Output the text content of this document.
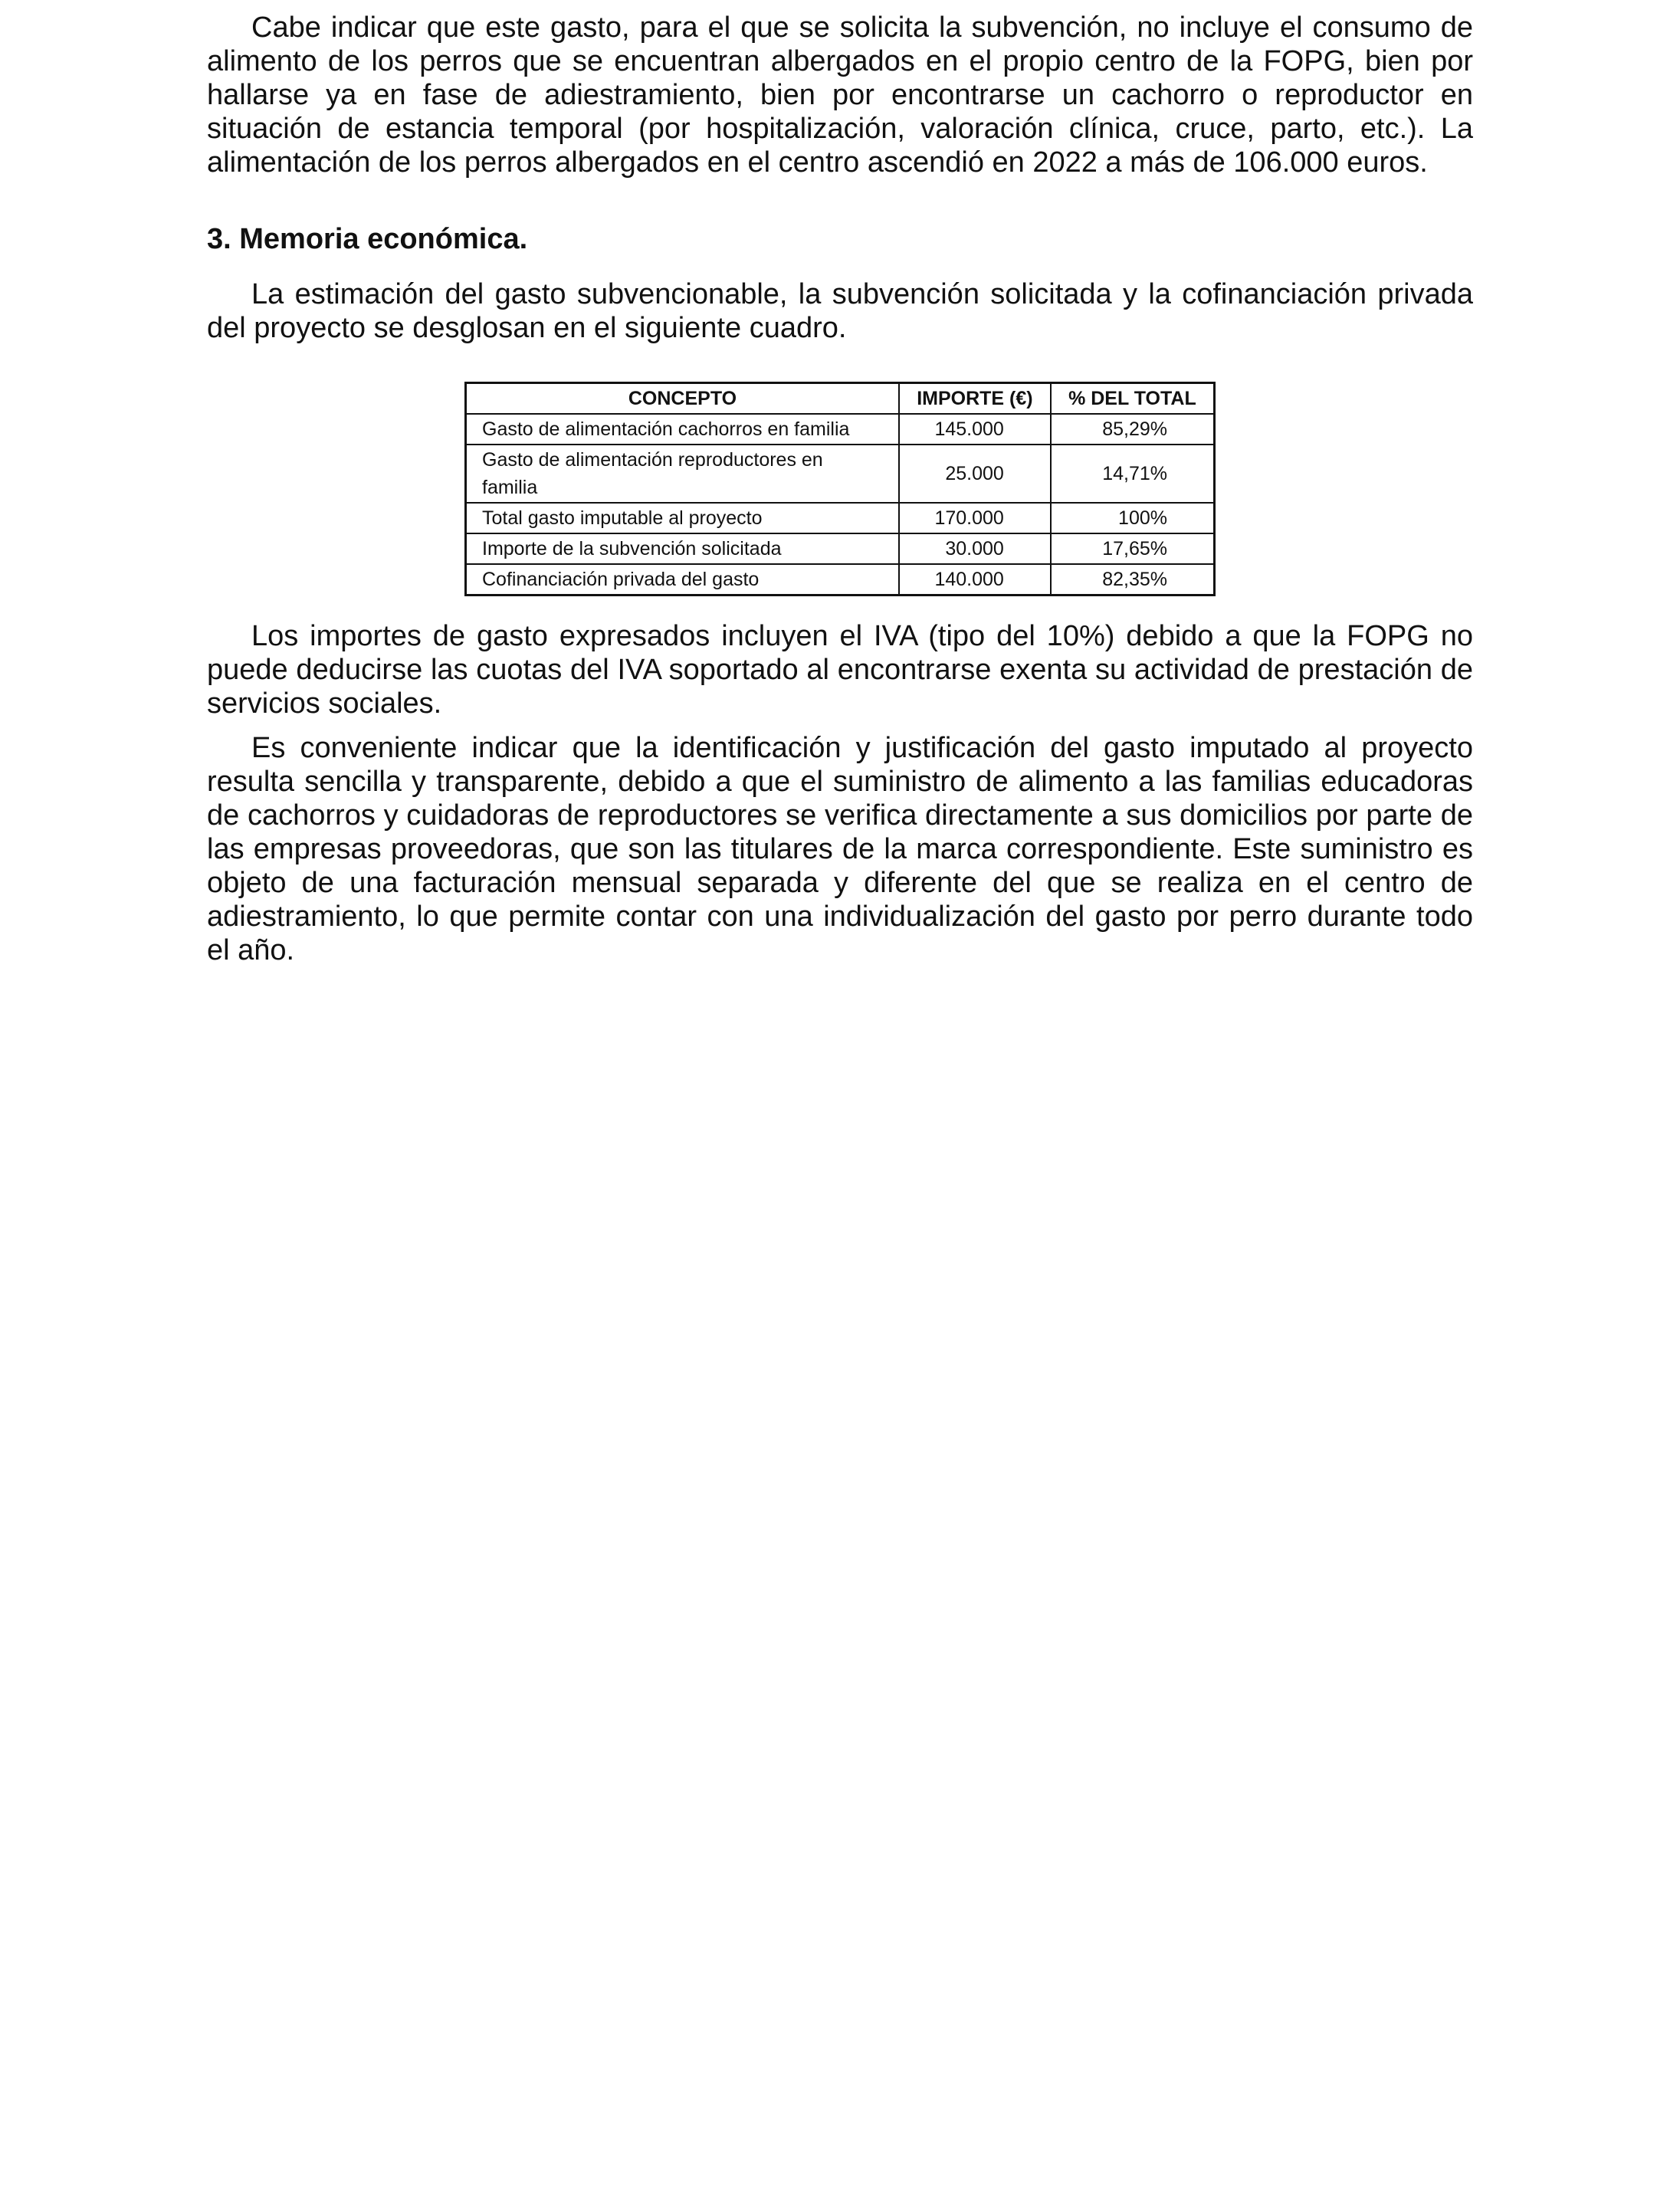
Cabe indicar que este gasto, para el que se solicita la subvención, no incluye el consumo de alimento de los perros que se encuentran albergados en el propio centro de la FOPG, bien por hallarse ya en fase de adiestramiento, bien por encontrarse un cachorro o reproductor en situación de estancia temporal (por hospitalización, valoración clínica, cruce, parto, etc.). La alimentación de los perros albergados en el centro ascendió en 2022 a más de 106.000 euros.

3. Memoria económica.

La estimación del gasto subvencionable, la subvención solicitada y la cofinanciación privada del proyecto se desglosan en el siguiente cuadro.

CONCEPTO	IMPORTE (€)	% DEL TOTAL
Gasto de alimentación cachorros en familia	145.000	85,29%
Gasto de alimentación reproductores en familia	25.000	14,71%
Total gasto imputable al proyecto	170.000	100%
Importe de la subvención solicitada	30.000	17,65%
Cofinanciación privada del gasto	140.000	82,35%

Los importes de gasto expresados incluyen el IVA (tipo del 10%) debido a que la FOPG no puede deducirse las cuotas del IVA soportado al encontrarse exenta su actividad de prestación de servicios sociales.

Es conveniente indicar que la identificación y justificación del gasto imputado al proyecto resulta sencilla y transparente, debido a que el suministro de alimento a las familias educadoras de cachorros y cuidadoras de reproductores se verifica directamente a sus domicilios por parte de las empresas proveedoras, que son las titulares de la marca correspondiente. Este suministro es objeto de una facturación mensual separada y diferente del que se realiza en el centro de adiestramiento, lo que permite contar con una individualización del gasto por perro durante todo el año.
